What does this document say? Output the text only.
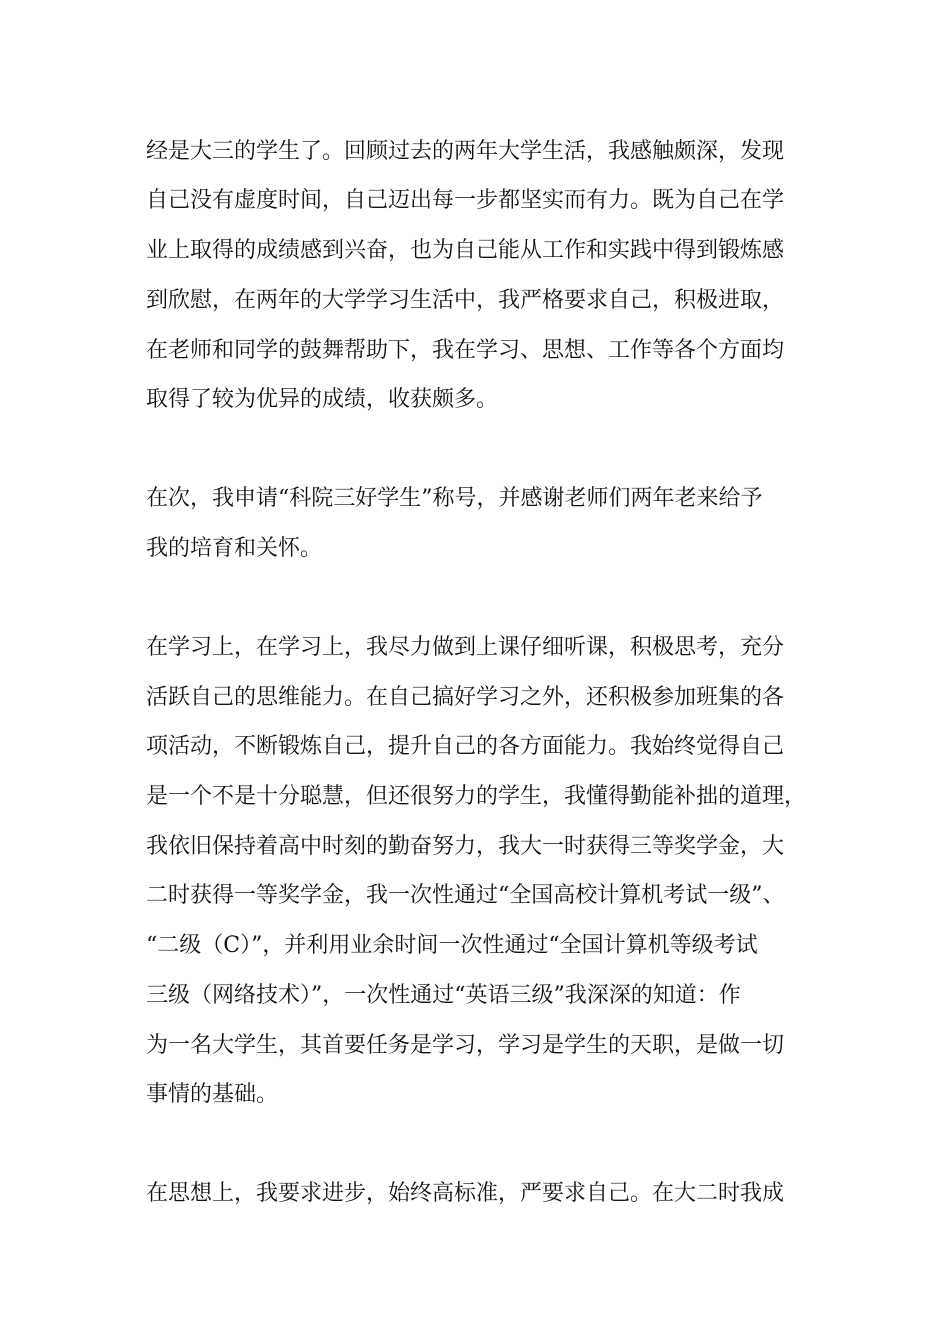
经是大三的学生了。回顾过去的两年大学生活，我感触颇深，发现

自己没有虚度时间，自己迈出每一步都坚实而有力。既为自己在学

业上取得的成绩感到兴奋，也为自己能从工作和实践中得到锻炼感

到欣慰，在两年的大学学习生活中，我严格要求自己，积极进取，

在老师和同学的鼓舞帮助下，我在学习、思想、工作等各个方面均

取得了较为优异的成绩，收获颇多。

在次，我申请“科院三好学生”称号，并感谢老师们两年老来给予

我的培育和关怀。

在学习上，在学习上，我尽力做到上课仔细听课，积极思考，充分

活跃自己的思维能力。在自己搞好学习之外，还积极参加班集的各

项活动，不断锻炼自己，提升自己的各方面能力。我始终觉得自己

是一个不是十分聪慧，但还很努力的学生，我懂得勤能补拙的道理，

我依旧保持着高中时刻的勤奋努力，我大一时获得三等奖学金，大

二时获得一等奖学金，我一次性通过“全国高校计算机考试一级”、

“二级（C）”，并利用业余时间一次性通过“全国计算机等级考试

三级（网络技术）”，一次性通过“英语三级”我深深的知道：作

为一名大学生，其首要任务是学习，学习是学生的天职，是做一切

事情的基础。

在思想上，我要求进步，始终高标准，严要求自己。在大二时我成
